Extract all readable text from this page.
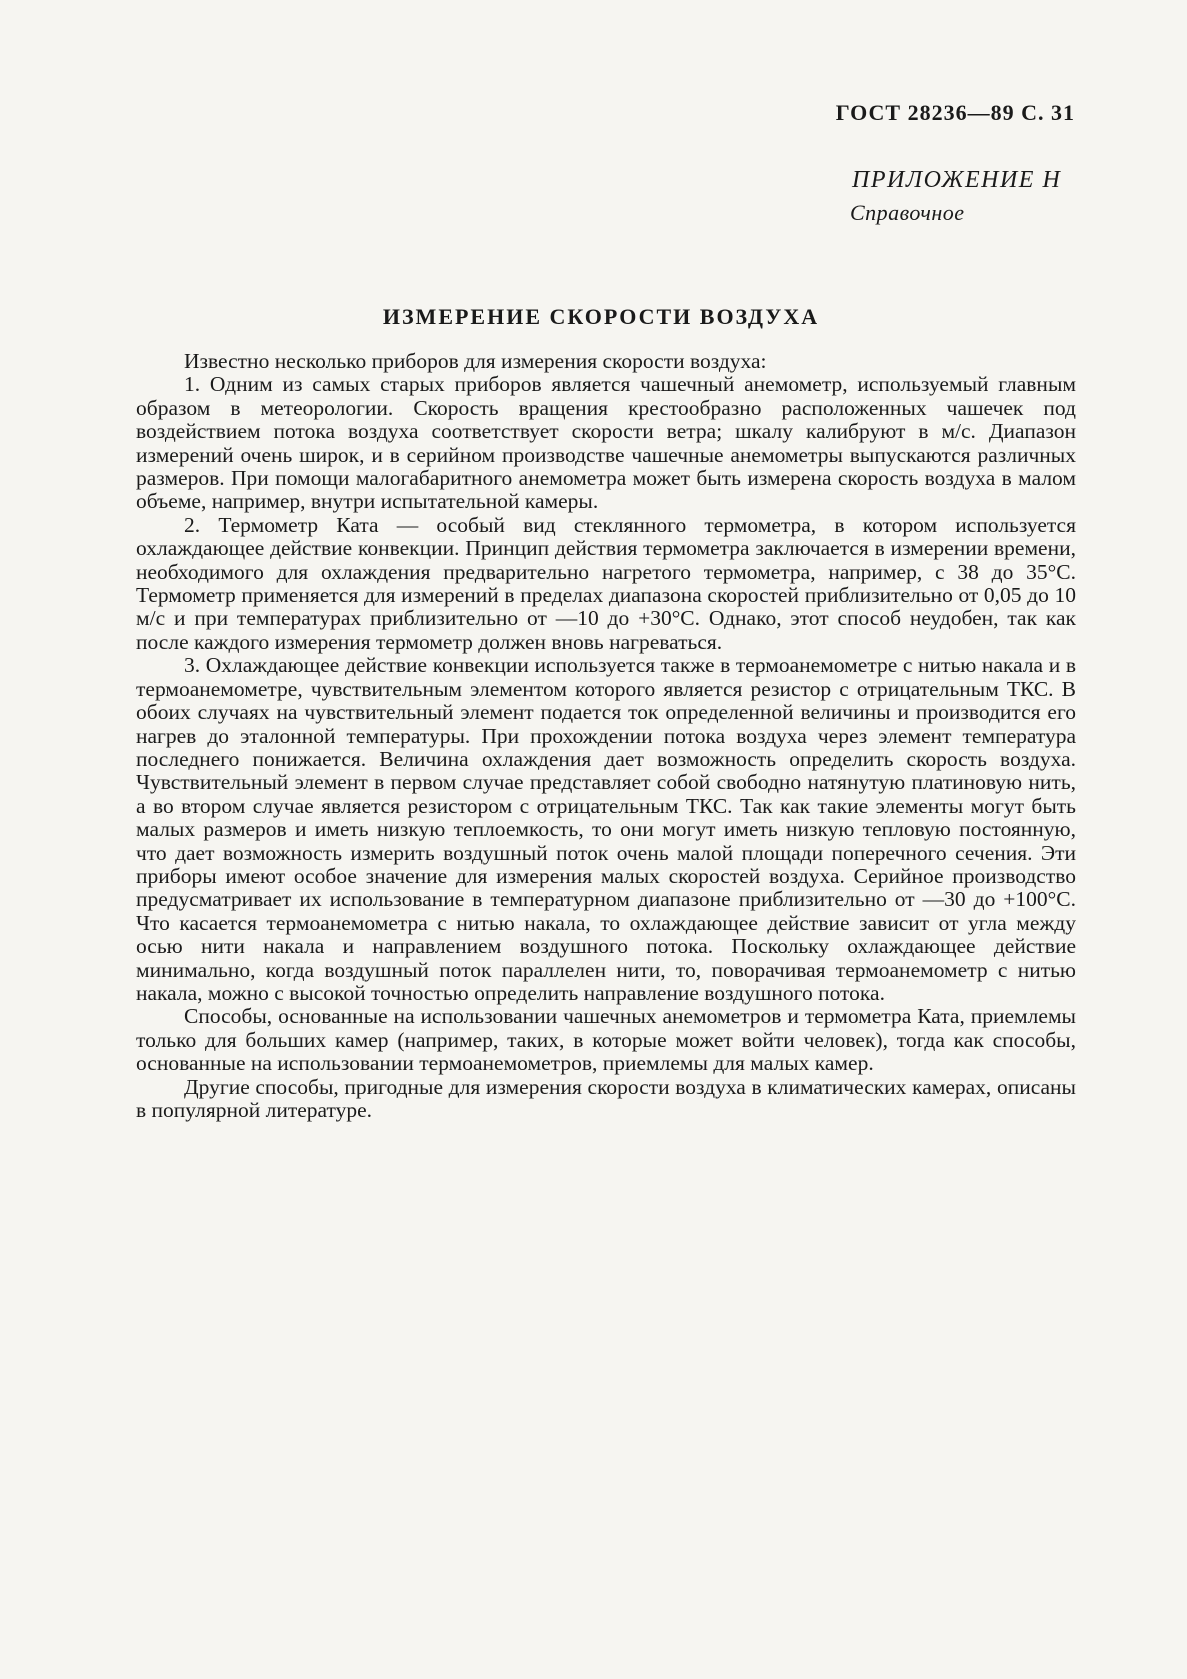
ГОСТ 28236—89 С. 31
ПРИЛОЖЕНИЕ Н
Справочное
ИЗМЕРЕНИЕ СКОРОСТИ ВОЗДУХА

Известно несколько приборов для измерения скорости воздуха:

1. Одним из самых старых приборов является чашечный анемометр, используемый главным образом в метеорологии. Скорость вращения крестообразно расположенных чашечек под воздействием потока воздуха соответствует скорости ветра; шкалу калибруют в м/с. Диапазон измерений очень широк, и в серийном производстве чашечные анемометры выпускаются различных размеров. При помощи малогабаритного анемометра может быть измерена скорость воздуха в малом объеме, например, внутри испытательной камеры.

2. Термометр Ката — особый вид стеклянного термометра, в котором используется охлаждающее действие конвекции. Принцип действия термометра заключается в измерении времени, необходимого для охлаждения предварительно нагретого термометра, например, с 38 до 35°С. Термометр применяется для измерений в пределах диапазона скоростей приблизительно от 0,05 до 10 м/с и при температурах приблизительно от —10 до +30°С. Однако, этот способ неудобен, так как после каждого измерения термометр должен вновь нагреваться.

3. Охлаждающее действие конвекции используется также в термоанемометре с нитью накала и в термоанемометре, чувствительным элементом которого является резистор с отрицательным ТКС. В обоих случаях на чувствительный элемент подается ток определенной величины и производится его нагрев до эталонной температуры. При прохождении потока воздуха через элемент температура последнего понижается. Величина охлаждения дает возможность определить скорость воздуха. Чувствительный элемент в первом случае представляет собой свободно натянутую платиновую нить, а во втором случае является резистором с отрицательным ТКС. Так как такие элементы могут быть малых размеров и иметь низкую теплоемкость, то они могут иметь низкую тепловую постоянную, что дает возможность измерить воздушный поток очень малой площади поперечного сечения. Эти приборы имеют особое значение для измерения малых скоростей воздуха. Серийное производство предусматривает их использование в температурном диапазоне приблизительно от —30 до +100°С. Что касается термоанемометра с нитью накала, то охлаждающее действие зависит от угла между осью нити накала и направлением воздушного потока. Поскольку охлаждающее действие минимально, когда воздушный поток параллелен нити, то, поворачивая термоанемометр с нитью накала, можно с высокой точностью определить направление воздушного потока.

Способы, основанные на использовании чашечных анемометров и термометра Ката, приемлемы только для больших камер (например, таких, в которые может войти человек), тогда как способы, основанные на использовании термоанемометров, приемлемы для малых камер.

Другие способы, пригодные для измерения скорости воздуха в климатических камерах, описаны в популярной литературе.
